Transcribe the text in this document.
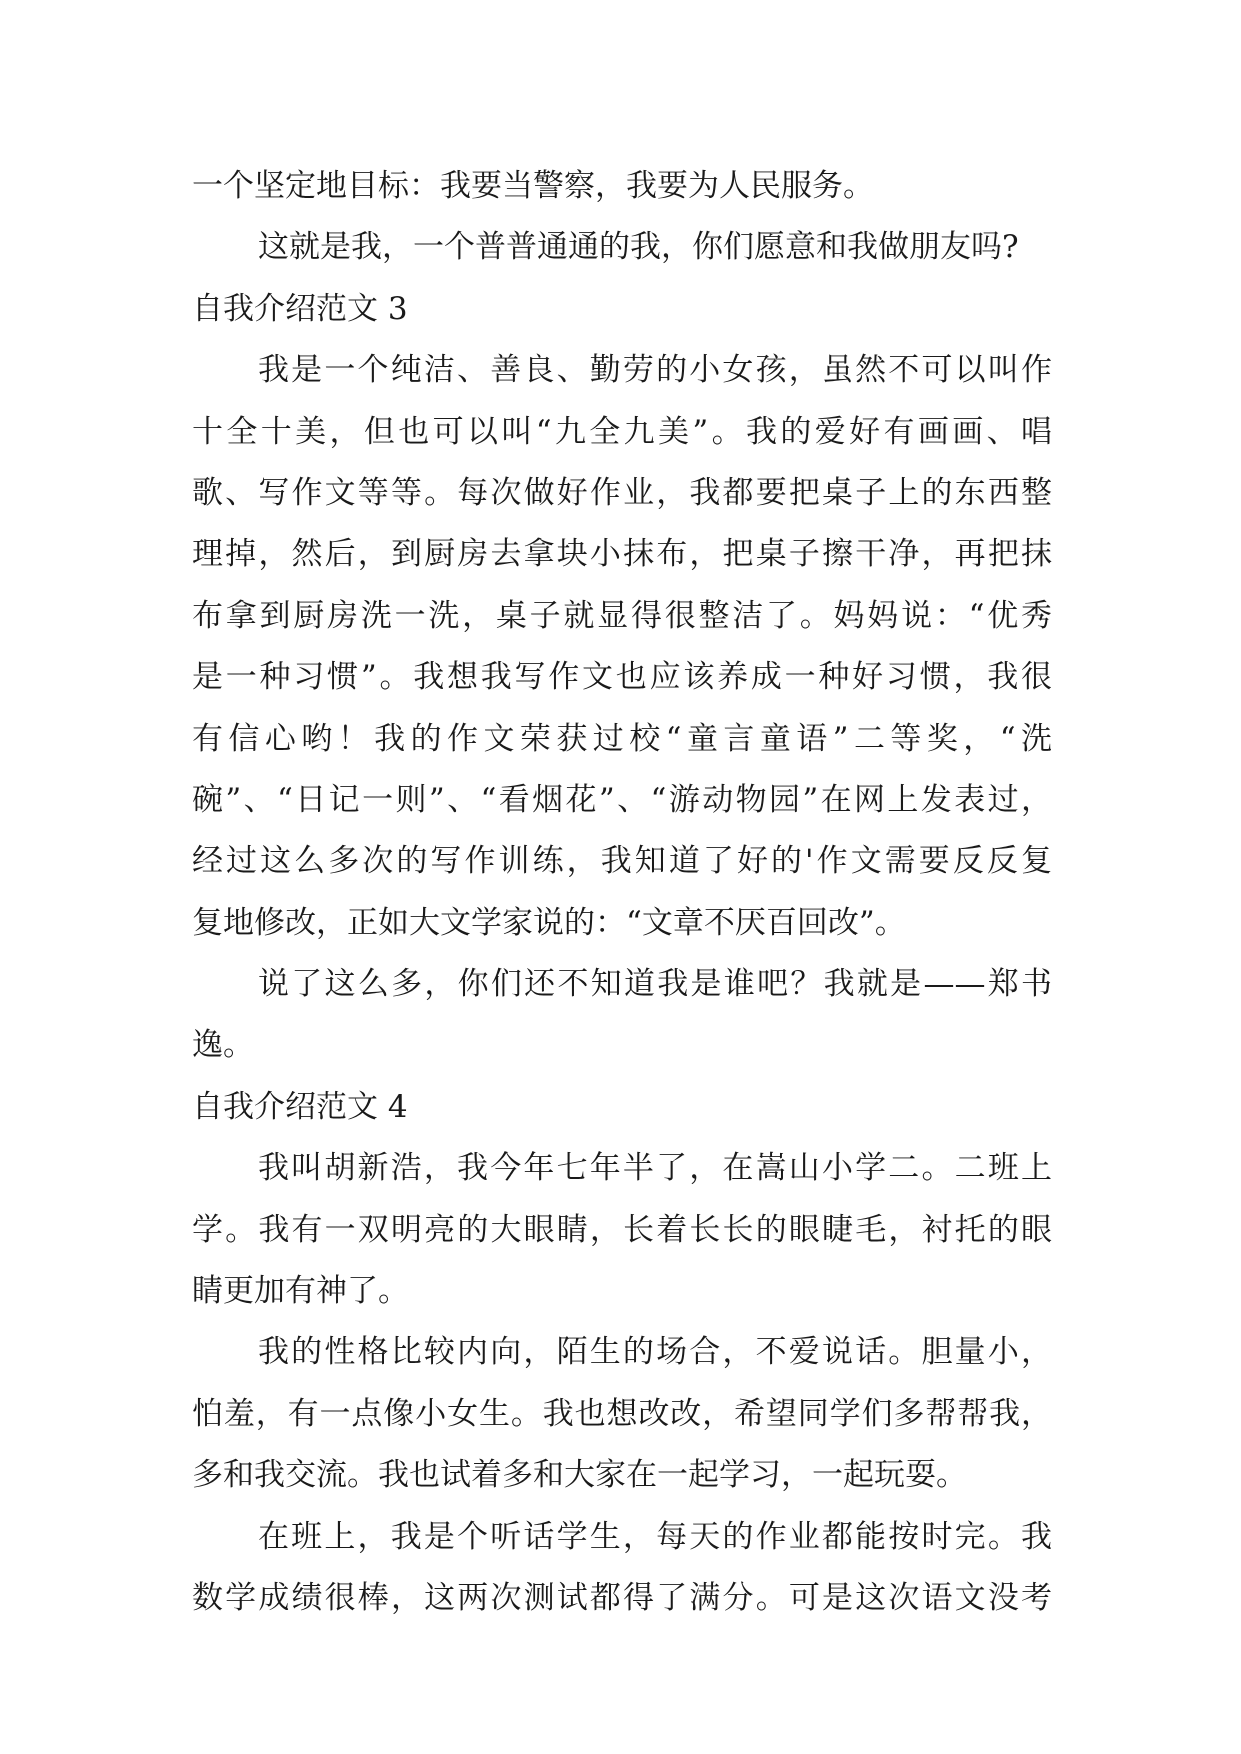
一个坚定地目标：我要当警察，我要为人民服务。
这就是我，一个普普通通的我，你们愿意和我做朋友吗?
自我介绍范文 3
我是一个纯洁、善良、勤劳的小女孩，虽然不可以叫作
十全十美，但也可以叫“九全九美”。我的爱好有画画、唱
歌、写作文等等。每次做好作业，我都要把桌子上的东西整
理掉，然后，到厨房去拿块小抹布，把桌子擦干净，再把抹
布拿到厨房洗一洗，桌子就显得很整洁了。妈妈说：“优秀
是一种习惯”。我想我写作文也应该养成一种好习惯，我很
有信心哟！我的作文荣获过校“童言童语”二等奖，“洗
碗”、“日记一则”、“看烟花”、“游动物园”在网上发表过，
经过这么多次的写作训练，我知道了好的'作文需要反反复
复地修改，正如大文学家说的：“文章不厌百回改”。
说了这么多，你们还不知道我是谁吧？我就是——郑书
逸。
自我介绍范文 4
我叫胡新浩，我今年七年半了，在嵩山小学二。二班上
学。我有一双明亮的大眼睛，长着长长的眼睫毛，衬托的眼
睛更加有神了。
我的性格比较内向，陌生的场合，不爱说话。胆量小，
怕羞，有一点像小女生。我也想改改，希望同学们多帮帮我，
多和我交流。我也试着多和大家在一起学习，一起玩耍。
在班上，我是个听话学生，每天的作业都能按时完。我
数学成绩很棒，这两次测试都得了满分。可是这次语文没考
